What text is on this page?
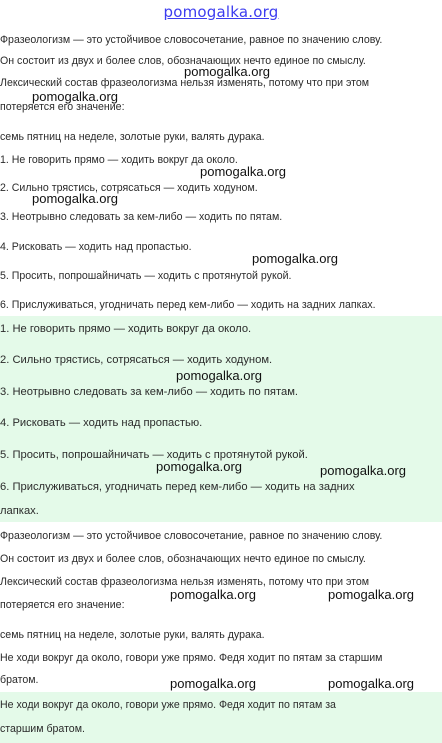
pomogalka.org
Фразеологизм — это устойчивое словосочетание, равное по значению слову.
Он состоит из двух и более слов, обозначающих нечто единое по смыслу.
Лексический состав фразеологизма нельзя изменять, потому что при этом
потеряется его значение:
семь пятниц на неделе, золотые руки, валять дурака.
1. Не говорить прямо — ходить вокруг да около.
2. Сильно трястись, сотрясаться — ходить ходуном.
3. Неотрывно следовать за кем-либо — ходить по пятам.
4. Рисковать — ходить над пропастью.
5. Просить, попрошайничать — ходить с протянутой рукой.
6. Прислуживаться, угодничать перед кем-либо — ходить на задних лапках.
1. Не говорить прямо — ходить вокруг да около.
2. Сильно трястись, сотрясаться — ходить ходуном.
3. Неотрывно следовать за кем-либо — ходить по пятам.
4. Рисковать — ходить над пропастью.
5. Просить, попрошайничать — ходить с протянутой рукой.
6. Прислуживаться, угодничать перед кем-либо — ходить на задних
лапках.
Фразеологизм — это устойчивое словосочетание, равное по значению слову.
Он состоит из двух и более слов, обозначающих нечто единое по смыслу.
Лексический состав фразеологизма нельзя изменять, потому что при этом
потеряется его значение:
семь пятниц на неделе, золотые руки, валять дурака.
Не ходи вокруг да около, говори уже прямо. Федя ходит по пятам за старшим
братом.
Не ходи вокруг да около, говори уже прямо. Федя ходит по пятам за
старшим братом.
pomogalka.org
pomogalka.org
pomogalka.org
pomogalka.org
pomogalka.org
pomogalka.org
pomogalka.org	pomogalka.org
pomogalka.org	pomogalka.org
pomogalka.org	pomogalka.org
